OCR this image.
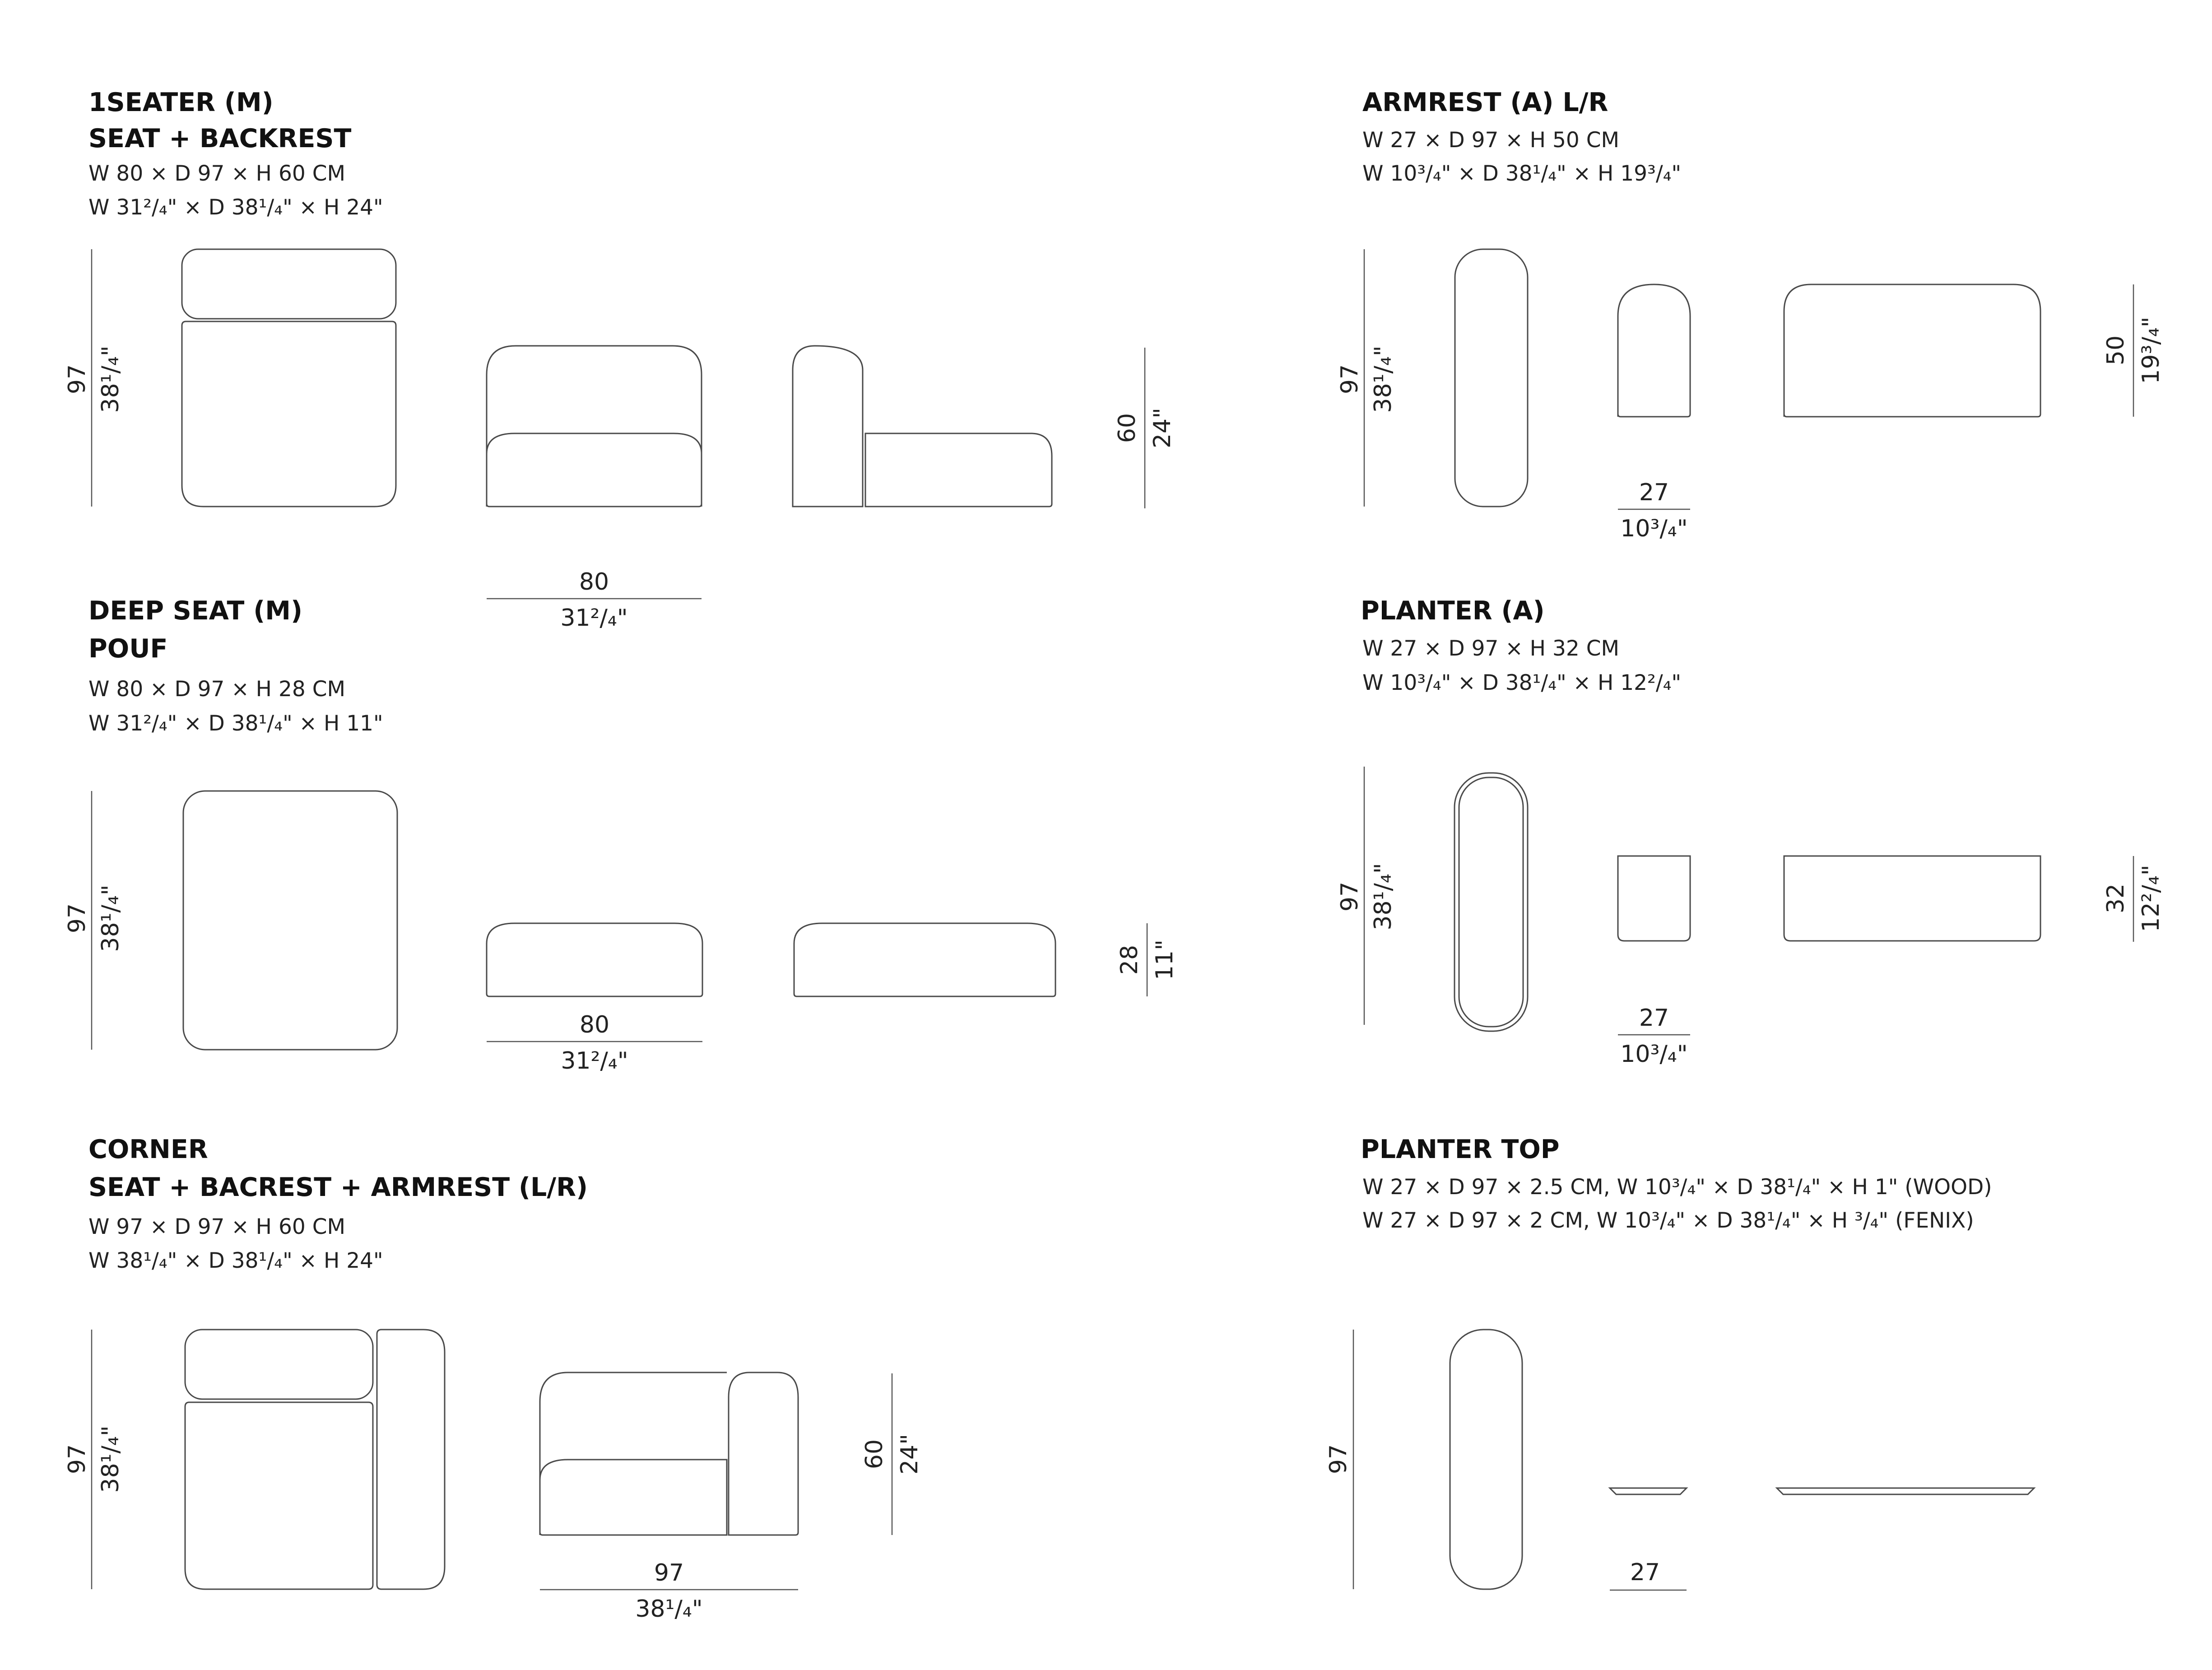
1SEATER (M)
SEAT + BACKREST
W 80 × D 97 × H 60 CM
W 31²/₄" × D 38¹/₄" × H 24"
97 38¹/₄"
80
31²/₄"
60 24"
DEEP SEAT (M)
POUF
W 80 × D 97 × H 28 CM
W 31²/₄" × D 38¹/₄" × H 11"
97 38¹/₄"
80
31²/₄"
28 11"
CORNER
SEAT + BACREST + ARMREST (L/R)
W 97 × D 97 × H 60 CM
W 38¹/₄" × D 38¹/₄" × H 24"
97 38¹/₄"
97
38¹/₄"
60 24"
ARMREST (A) L/R
W 27 × D 97 × H 50 CM
W 10³/₄" × D 38¹/₄" × H 19³/₄"
97 38¹/₄"
27
10³/₄"
50 19³/₄"
PLANTER (A)
W 27 × D 97 × H 32 CM
W 10³/₄" × D 38¹/₄" × H 12²/₄"
97 38¹/₄"
27
10³/₄"
32 12²/₄"
PLANTER TOP
W 27 × D 97 × 2.5 CM, W 10³/₄" × D 38¹/₄" × H 1" (WOOD)
W 27 × D 97 × 2 CM, W 10³/₄" × D 38¹/₄" × H ³/₄" (FENIX)
97
27
